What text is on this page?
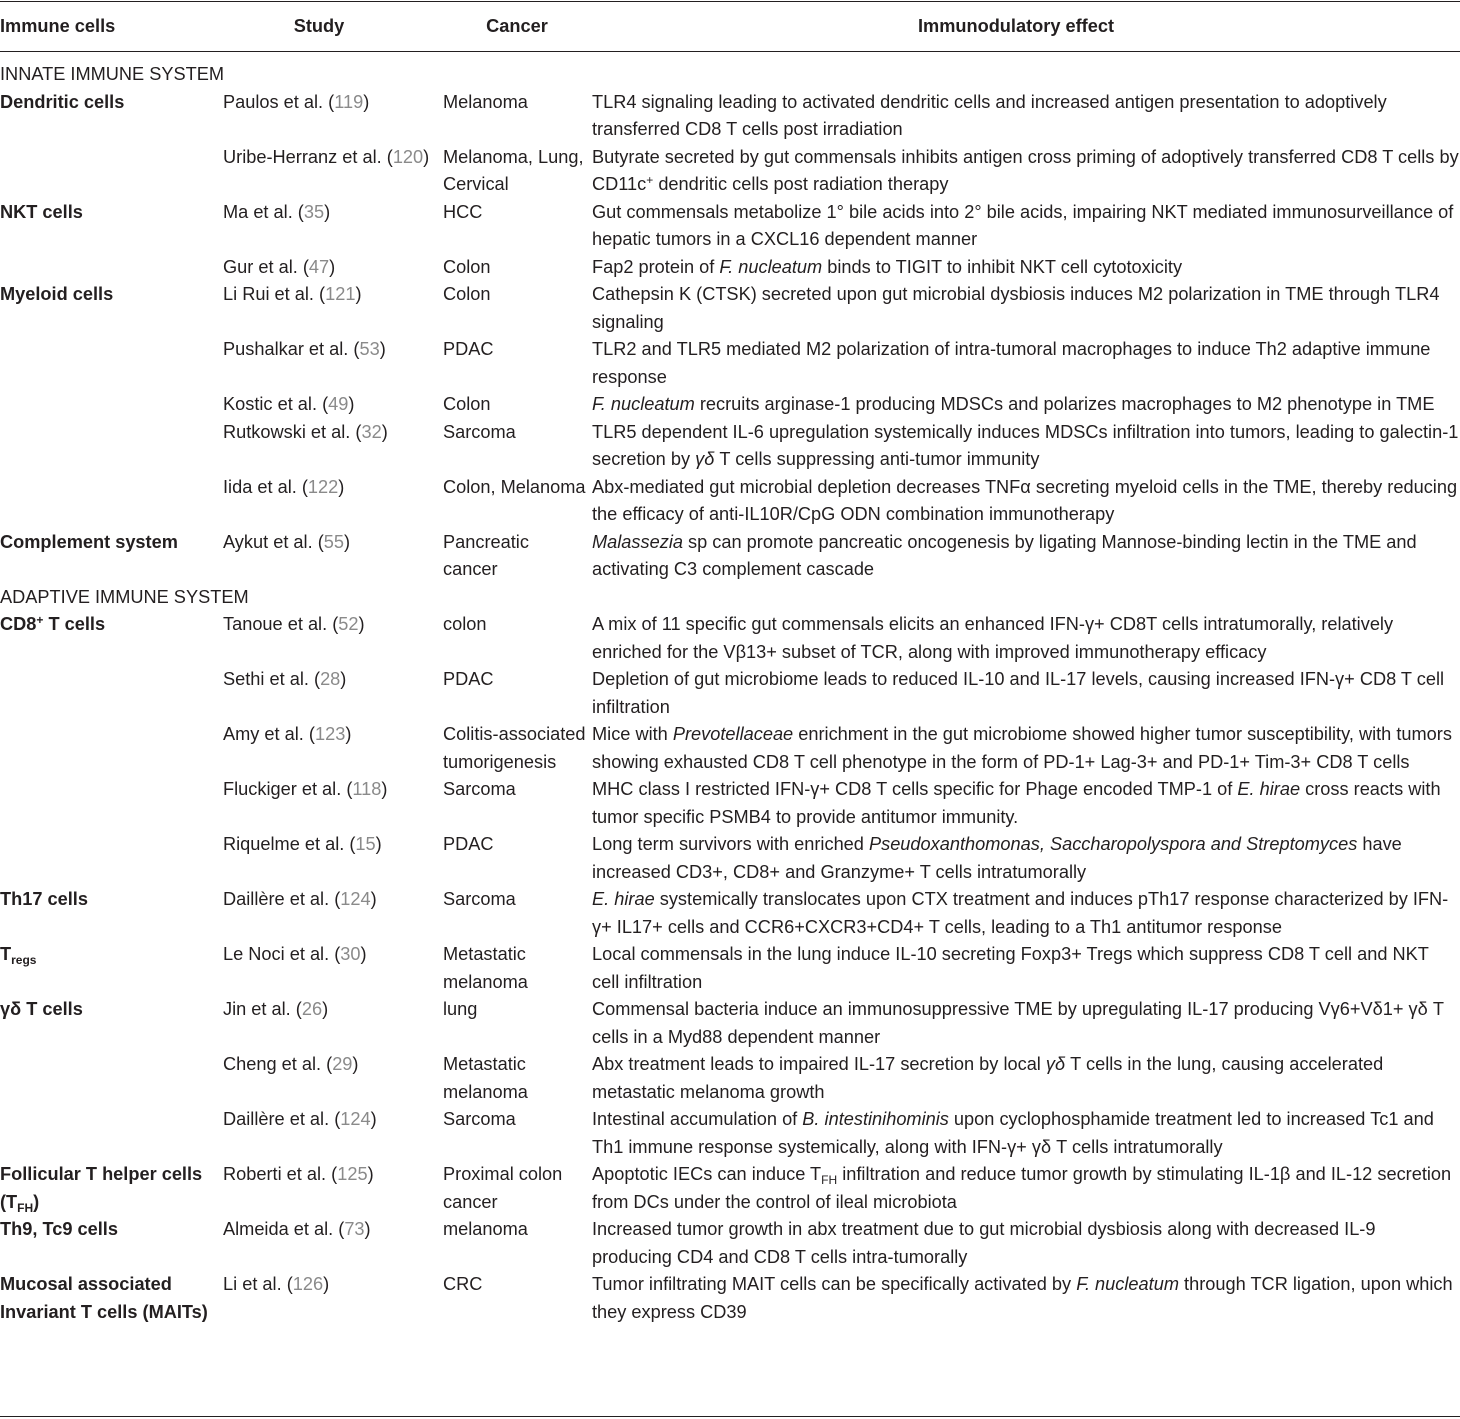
Immune cells	Study	Cancer	Immunodulatory effect

INNATE IMMUNE SYSTEM			
Dendritic cells	Paulos et al. (119)	Melanoma	TLR4 signaling leading to activated dendritic cells and increased antigen presentation to adoptively transferred CD8 T cells post irradiation
	Uribe-Herranz et al. (120)	Melanoma, Lung, Cervical	Butyrate secreted by gut commensals inhibits antigen cross priming of adoptively transferred CD8 T cells by CD11c+ dendritic cells post radiation therapy
NKT cells	Ma et al. (35)	HCC	Gut commensals metabolize 1° bile acids into 2° bile acids, impairing NKT mediated immunosurveillance of hepatic tumors in a CXCL16 dependent manner
	Gur et al. (47)	Colon	Fap2 protein of F. nucleatum binds to TIGIT to inhibit NKT cell cytotoxicity
Myeloid cells	Li Rui et al. (121)	Colon	Cathepsin K (CTSK) secreted upon gut microbial dysbiosis induces M2 polarization in TME through TLR4 signaling
	Pushalkar et al. (53)	PDAC	TLR2 and TLR5 mediated M2 polarization of intra-tumoral macrophages to induce Th2 adaptive immune response
	Kostic et al. (49)	Colon	F. nucleatum recruits arginase-1 producing MDSCs and polarizes macrophages to M2 phenotype in TME
	Rutkowski et al. (32)	Sarcoma	TLR5 dependent IL-6 upregulation systemically induces MDSCs infiltration into tumors, leading to galectin-1 secretion by γδ T cells suppressing anti-tumor immunity
	Iida et al. (122)	Colon, Melanoma	Abx-mediated gut microbial depletion decreases TNFα secreting myeloid cells in the TME, thereby reducing the efficacy of anti-IL10R/CpG ODN combination immunotherapy
Complement system	Aykut et al. (55)	Pancreatic cancer	Malassezia sp can promote pancreatic oncogenesis by ligating Mannose-binding lectin in the TME and activating C3 complement cascade
ADAPTIVE IMMUNE SYSTEM			
CD8+ T cells	Tanoue et al. (52)	colon	A mix of 11 specific gut commensals elicits an enhanced IFN-γ+ CD8T cells intratumorally, relatively enriched for the Vβ13+ subset of TCR, along with improved immunotherapy efficacy
	Sethi et al. (28)	PDAC	Depletion of gut microbiome leads to reduced IL-10 and IL-17 levels, causing increased IFN-γ+ CD8 T cell infiltration
	Amy et al. (123)	Colitis-associated tumorigenesis	Mice with Prevotellaceae enrichment in the gut microbiome showed higher tumor susceptibility, with tumors showing exhausted CD8 T cell phenotype in the form of PD-1+ Lag-3+ and PD-1+ Tim-3+ CD8 T cells
	Fluckiger et al. (118)	Sarcoma	MHC class I restricted IFN-γ+ CD8 T cells specific for Phage encoded TMP-1 of E. hirae cross reacts with tumor specific PSMB4 to provide antitumor immunity.
	Riquelme et al. (15)	PDAC	Long term survivors with enriched Pseudoxanthomonas, Saccharopolyspora and Streptomyces have increased CD3+, CD8+ and Granzyme+ T cells intratumorally
Th17 cells	Daillère et al. (124)	Sarcoma	E. hirae systemically translocates upon CTX treatment and induces pTh17 response characterized by IFN-γ+ IL17+ cells and CCR6+CXCR3+CD4+ T cells, leading to a Th1 antitumor response
$T_{regs}$	Le Noci et al. (30)	Metastatic melanoma	Local commensals in the lung induce IL-10 secreting Foxp3+ Tregs which suppress CD8 T cell and NKT cell infiltration
γδ T cells	Jin et al. (26)	lung	Commensal bacteria induce an immunosuppressive TME by upregulating IL-17 producing Vγ6+Vδ1+ γδ T cells in a Myd88 dependent manner
	Cheng et al. (29)	Metastatic melanoma	Abx treatment leads to impaired IL-17 secretion by local γδ T cells in the lung, causing accelerated metastatic melanoma growth
	Daillère et al. (124)	Sarcoma	Intestinal accumulation of B. intestinihominis upon cyclophosphamide treatment led to increased Tc1 and Th1 immune response systemically, along with IFN-γ+ γδ T cells intratumorally
Follicular T helper cells $(T_{FH})$	Roberti et al. (125)	Proximal colon cancer	Apoptotic IECs can induce $T_{FH}$ infiltration and reduce tumor growth by stimulating IL-1β and IL-12 secretion from DCs under the control of ileal microbiota
Th9, Tc9 cells	Almeida et al. (73)	melanoma	Increased tumor growth in abx treatment due to gut microbial dysbiosis along with decreased IL-9 producing CD4 and CD8 T cells intra-tumorally
Mucosal associated Invariant T cells (MAITs)	Li et al. (126)	CRC	Tumor infiltrating MAIT cells can be specifically activated by F. nucleatum through TCR ligation, upon which they express CD39
